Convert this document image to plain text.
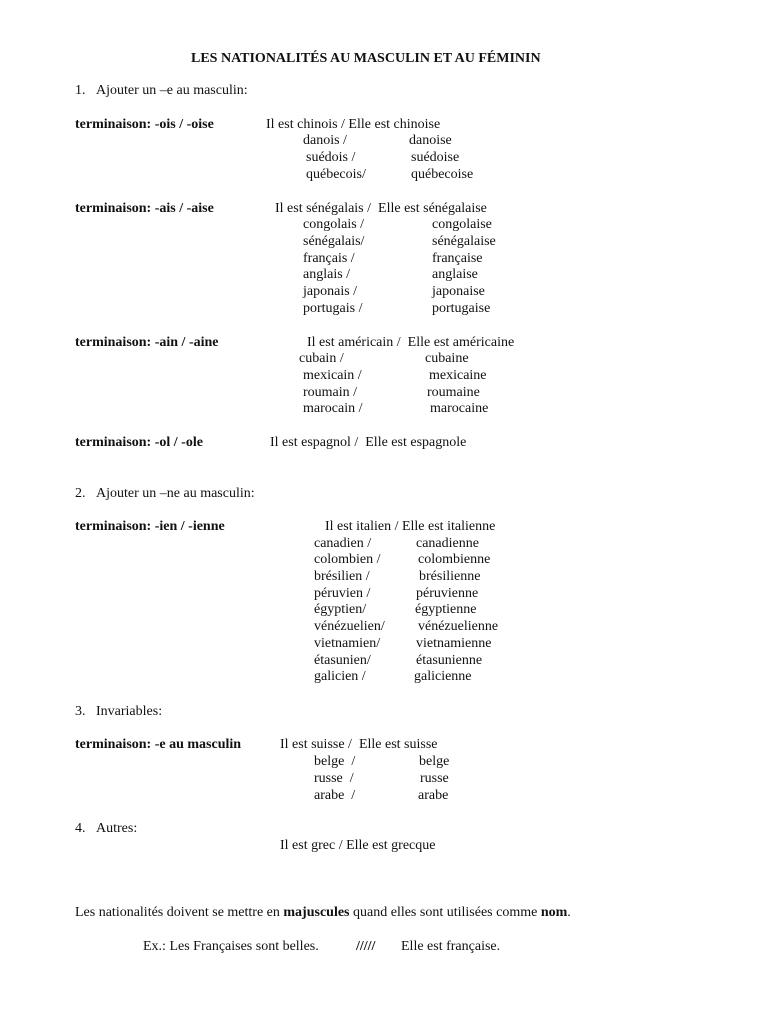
LES NATIONALITÉS AU MASCULIN ET AU FÉMININ
1.   Ajouter un –e au masculin:
terminaison: -ois / -oise	Il est chinois / Elle est chinoise
danois /	danoise
suédois /	suédoise
québecois/	québecoise
terminaison: -ais / -aise	Il est sénégalais /  Elle est sénégalaise
congolais /	congolaise
sénégalais/	sénégalaise
français /	française
anglais /	anglaise
japonais /	japonaise
portugais /	portugaise
terminaison: -ain / -aine	Il est américain /  Elle est américaine
cubain /	cubaine
mexicain /	mexicaine
roumain /	roumaine
marocain /	marocaine
terminaison: -ol / -ole	Il est espagnol /  Elle est espagnole
2.   Ajouter un –ne au masculin:
terminaison: -ien / -ienne	Il est italien / Elle est italienne
canadien /	canadienne
colombien /	colombienne
brésilien /	brésilienne
péruvien /	péruvienne
égyptien/	égyptienne
vénézuelien/ vénézuelienne
vietnamien/	vietnamienne
étasunien/	étasunienne
galicien /	galicienne
3.   Invariables:
terminaison: -e au masculin	Il est suisse /  Elle est suisse
belge  /	belge
russe  /	russe
arabe  /	arabe
4.   Autres:
Il est grec / Elle est grecque
Les nationalités doivent se mettre en majuscules quand elles sont utilisées comme nom.
Ex.: Les Françaises sont belles.	///// Elle est française.
